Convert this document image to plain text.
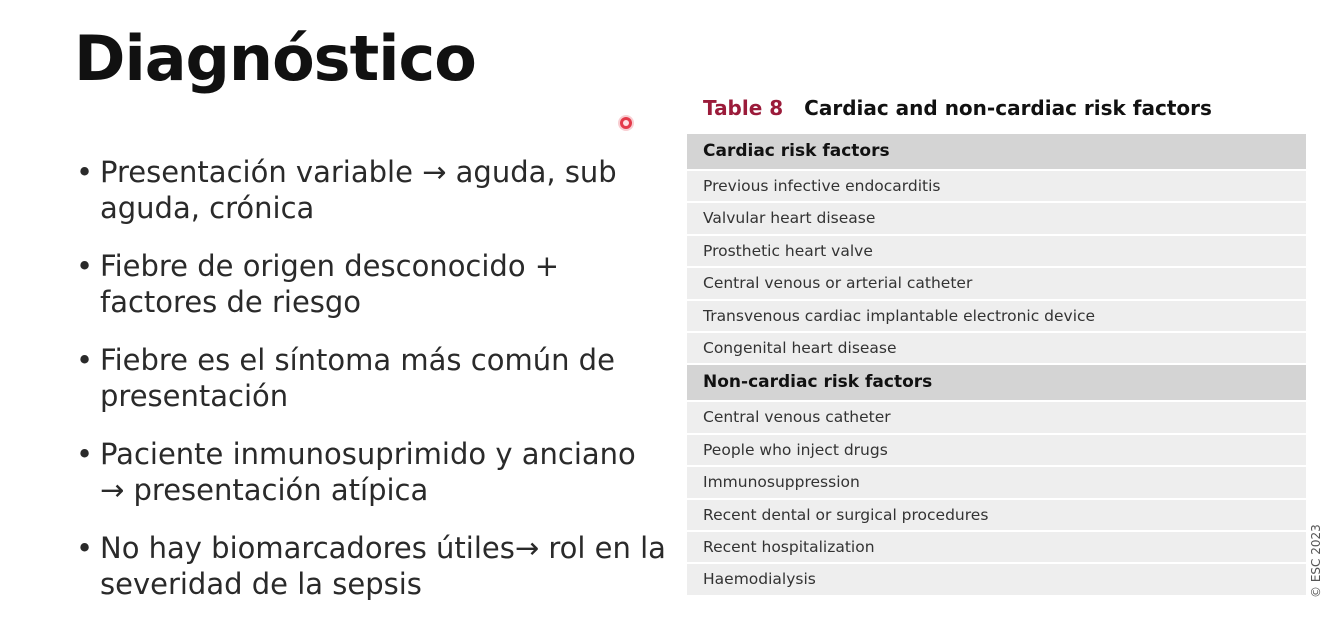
Diagnóstico
• Presentación variable → aguda, sub aguda, crónica
• Fiebre de origen desconocido + factores de riesgo
• Fiebre es el síntoma más común de presentación
• Paciente inmunosuprimido y anciano → presentación atípica
• No hay biomarcadores útiles→ rol en la severidad de la sepsis
Table 8 Cardiac and non-cardiac risk factors
Cardiac risk factors
Previous infective endocarditis
Valvular heart disease
Prosthetic heart valve
Central venous or arterial catheter
Transvenous cardiac implantable electronic device
Congenital heart disease
Non-cardiac risk factors
Central venous catheter
People who inject drugs
Immunosuppression
Recent dental or surgical procedures
Recent hospitalization
Haemodialysis	© ESC 2023
